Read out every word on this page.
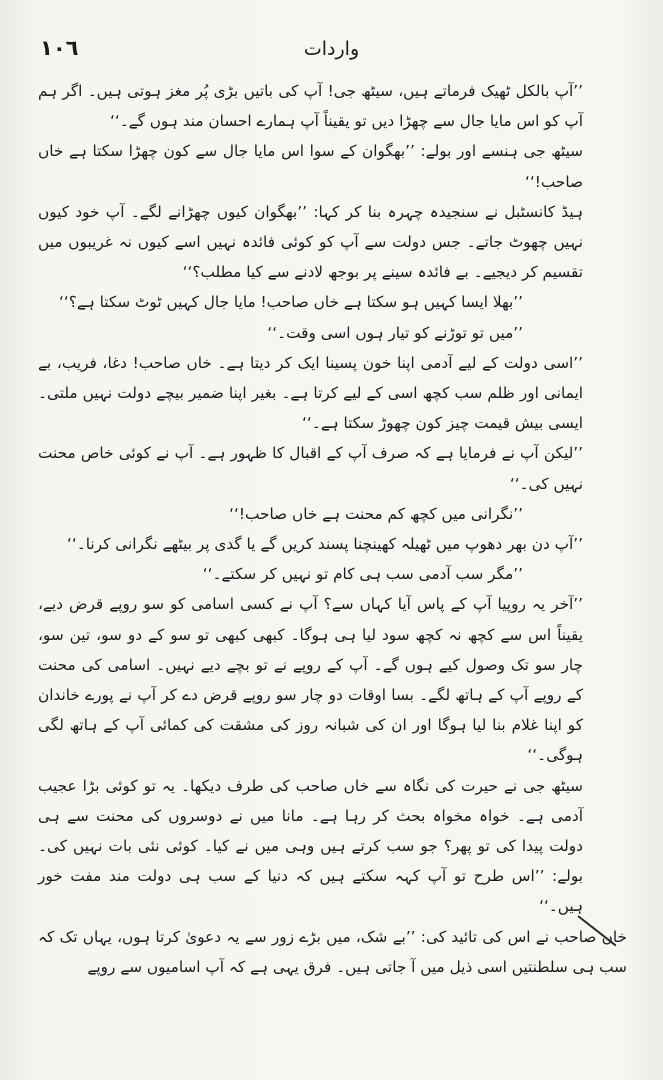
١٠٦	واردات

’’آپ بالکل ٹھیک فرماتے ہیں، سیٹھ جی! آپ کی باتیں بڑی پُر مغز ہوتی ہیں۔ اگر ہم آپ کو اس مایا جال سے چھڑا دیں تو یقیناً آپ ہمارے احسان مند ہوں گے۔‘‘

سیٹھ جی ہنسے اور بولے: ’’بھگوان کے سوا اس مایا جال سے کون چھڑا سکتا ہے خاں صاحب!‘‘

ہیڈ کانسٹبل نے سنجیدہ چہرہ بنا کر کہا: ’’بھگوان کیوں چھڑانے لگے۔ آپ خود کیوں نہیں چھوٹ جاتے۔ جس دولت سے آپ کو کوئی فائدہ نہیں اسے کیوں نہ غریبوں میں تقسیم کر دیجیے۔ بے فائدہ سینے پر بوجھ لادنے سے کیا مطلب؟‘‘

’’بھلا ایسا کہیں ہو سکتا ہے خاں صاحب! مایا جال کہیں ٹوٹ سکتا ہے؟‘‘

’’میں تو توڑنے کو تیار ہوں اسی وقت۔‘‘

’’اسی دولت کے لیے آدمی اپنا خون پسینا ایک کر دیتا ہے۔ خاں صاحب! دغا، فریب، بے ایمانی اور ظلم سب کچھ اسی کے لیے کرتا ہے۔ بغیر اپنا ضمیر بیچے دولت نہیں ملتی۔ ایسی بیش قیمت چیز کون چھوڑ سکتا ہے۔‘‘

’’لیکن آپ نے فرمایا ہے کہ صرف آپ کے اقبال کا ظہور ہے۔ آپ نے کوئی خاص محنت نہیں کی۔‘‘

’’نگرانی میں کچھ کم محنت ہے خاں صاحب!‘‘

’’آپ دن بھر دھوپ میں ٹھیلہ کھینچنا پسند کریں گے یا گدی پر بیٹھے نگرانی کرنا۔‘‘

’’مگر سب آدمی سب ہی کام تو نہیں کر سکتے۔‘‘

’’آخر یہ روپیا آپ کے پاس آیا کہاں سے؟ آپ نے کسی اسامی کو سو روپے قرض دیے، یقیناً اس سے کچھ نہ کچھ سود لیا ہی ہوگا۔ کبھی کبھی تو سو کے دو سو، تین سو، چار سو تک وصول کیے ہوں گے۔ آپ کے روپے نے تو بچے دیے نہیں۔ اسامی کی محنت کے روپے آپ کے ہاتھ لگے۔ بسا اوقات دو چار سو روپے قرض دے کر آپ نے پورے خاندان کو اپنا غلام بنا لیا ہوگا اور ان کی شبانہ روز کی مشقت کی کمائی آپ کے ہاتھ لگی ہوگی۔‘‘

سیٹھ جی نے حیرت کی نگاہ سے خاں صاحب کی طرف دیکھا۔ یہ تو کوئی بڑا عجیب آدمی ہے۔ خواہ مخواہ بحث کر رہا ہے۔ مانا میں نے دوسروں کی محنت سے ہی دولت پیدا کی تو پھر؟ جو سب کرتے ہیں وہی میں نے کیا۔ کوئی نئی بات نہیں کی۔ بولے: ’’اس طرح تو آپ کہہ سکتے ہیں کہ دنیا کے سب ہی دولت مند مفت خور ہیں۔‘‘

خاں صاحب نے اس کی تائید کی: ’’بے شک، میں بڑے زور سے یہ دعویٰ کرتا ہوں، یہاں تک کہ سب ہی سلطنتیں اسی ذیل میں آ جاتی ہیں۔ فرق یہی ہے کہ آپ اسامیوں سے روپے
